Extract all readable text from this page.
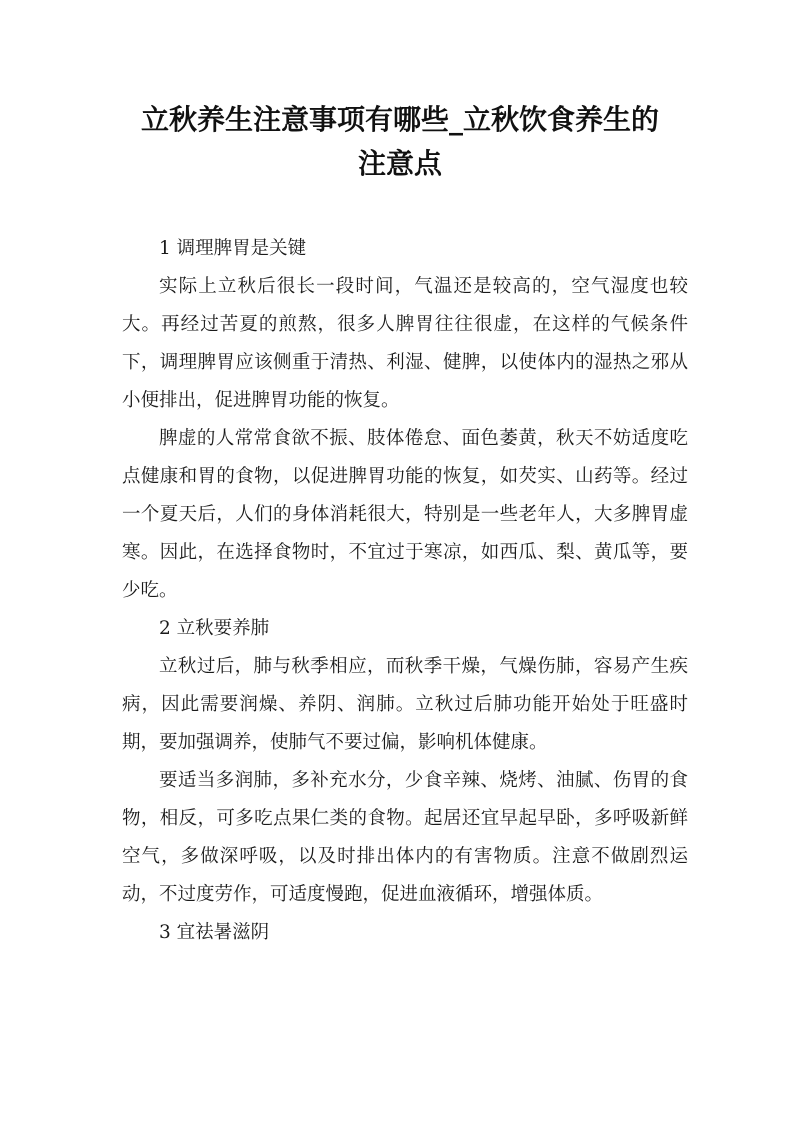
立秋养生注意事项有哪些_立秋饮食养生的
注意点

1 调理脾胃是关键

实际上立秋后很长一段时间，气温还是较高的，空气湿度也较大。再经过苦夏的煎熬，很多人脾胃往往很虚，在这样的气候条件下，调理脾胃应该侧重于清热、利湿、健脾，以使体内的湿热之邪从小便排出，促进脾胃功能的恢复。

脾虚的人常常食欲不振、肢体倦怠、面色萎黄，秋天不妨适度吃点健康和胃的食物，以促进脾胃功能的恢复，如芡实、山药等。经过一个夏天后，人们的身体消耗很大，特别是一些老年人，大多脾胃虚寒。因此，在选择食物时，不宜过于寒凉，如西瓜、梨、黄瓜等，要少吃。

2 立秋要养肺

立秋过后，肺与秋季相应，而秋季干燥，气燥伤肺，容易产生疾病，因此需要润燥、养阴、润肺。立秋过后肺功能开始处于旺盛时期，要加强调养，使肺气不要过偏，影响机体健康。

要适当多润肺，多补充水分，少食辛辣、烧烤、油腻、伤胃的食物，相反，可多吃点果仁类的食物。起居还宜早起早卧，多呼吸新鲜空气，多做深呼吸，以及时排出体内的有害物质。注意不做剧烈运动，不过度劳作，可适度慢跑，促进血液循环，增强体质。

3 宜祛暑滋阴
